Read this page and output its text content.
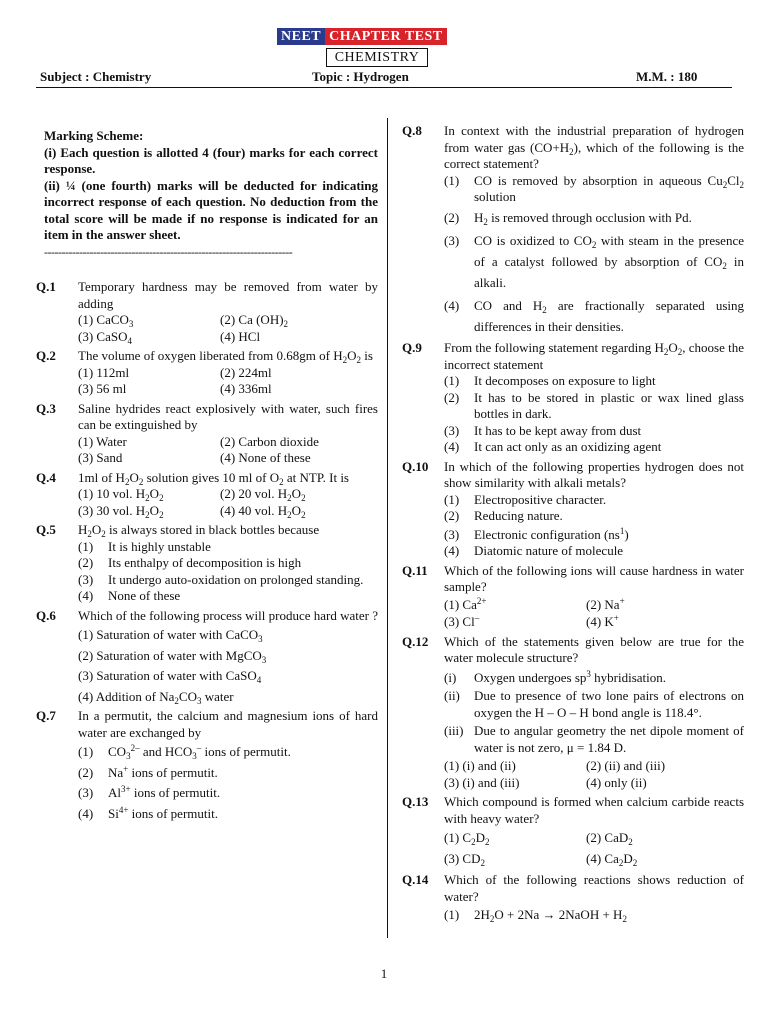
NEET CHAPTER TEST
CHEMISTRY
Subject : Chemistry	Topic : Hydrogen	M.M. : 180
Marking Scheme:
(i) Each question is allotted 4 (four) marks for each correct response.
(ii) ¼ (one fourth) marks will be deducted for indicating incorrect response of each question. No deduction from the total score will be made if no response is indicated for an item in the answer sheet.
-----------------------------------------------------------------------
Q.1	Temporary hardness may be removed from water by adding
(1) CaCO$_3$	(2) Ca $(OH)_2$
(3) CaSO$_4$	(4) HCl
Q.2	The volume of oxygen liberated from 0.68gm of $H_2O_2$ is
(1) 112ml	(2) 224ml
(3) 56 ml	(4) 336ml
Q.3	Saline hydrides react explosively with water, such fires can be extinguished by
(1) Water	(2) Carbon dioxide
(3) Sand	(4) None of these
Q.4	1ml of $H_2O_2$ solution gives 10 ml of $O_2$ at NTP. It is
(1) 10 vol. $H_2O_2$	(2) 20 vol. $H_2O_2$
(3) 30 vol. $H_2O_2$	(4) 40 vol. $H_2O_2$
Q.5	$H_2O_2$ is always stored in black bottles because
(1)	It is highly unstable
(2)	Its enthalpy of decomposition is high
(3)	It undergo auto-oxidation on prolonged standing.
(4)	None of these
Q.6	Which of the following process will produce hard water ?
(1) Saturation of water with CaCO$_3$
(2) Saturation of water with MgCO$_3$
(3) Saturation of water with CaSO$_4$
(4) Addition of $Na_2CO_3$ water
Q.7	In a permutit, the calcium and magnesium ions of hard water are exchanged by
(1)	$CO_3^{2-}$ and $HCO_3^-$ ions of permutit.
(2)	Na+ ions of permutit.
(3)	$Al^{3+}$ ions of permutit.
(4)	$Si^{4+}$ ions of permutit.
Q.8	In context with the industrial preparation of hydrogen from water gas $(CO+H_2)$, which of the following is the correct statement?
(1)	CO is removed by absorption in aqueous $Cu_2Cl_2$ solution
(2)	$H_2$ is removed through occlusion with Pd.
(3)	CO is oxidized to $CO_2$ with steam in the presence of a catalyst followed by absorption of $CO_2$ in alkali.
(4)	CO and $H_2$ are fractionally separated using differences in their densities.
Q.9	From the following statement regarding $H_2O_2$, choose the incorrect statement
(1)	It decomposes on exposure to light
(2)	It has to be stored in plastic or wax lined glass bottles in dark.
(3)	It has to be kept away from dust
(4)	It can act only as an oxidizing agent
Q.10	In which of the following properties hydrogen does not show similarity with alkali metals?
(1)	Electropositive character.
(2)	Reducing nature.
(3)	Electronic configuration $(ns^1)$
(4)	Diatomic nature of molecule
Q.11	Which of the following ions will cause hardness in water sample?
(1) $Ca^{2+}$	(2) Na+
(3) Cl–	(4) K+
Q.12	Which of the statements given below are true for the water molecule structure?
(i)	Oxygen undergoes $sp^3$ hybridisation.
(ii)	Due to presence of two lone pairs of electrons on oxygen the H – O – H bond angle is 118.4°.
(iii) Due to angular geometry the net dipole moment of water is not zero, μ = 1.84 D.
(1) (i) and (ii)	(2) (ii) and (iii)
(3) (i) and (iii)	(4) only (ii)
Q.13	Which compound is formed when calcium carbide reacts with heavy water?
(1) $C_2D_2$	(2) CaD$_2$
(3) $CD_2$	(4) $Ca_2D_2$
Q.14	Which of the following reactions shows reduction of water?
(1)	$2H_2O + 2Na$ → 2NaOH + $H_2$
1
